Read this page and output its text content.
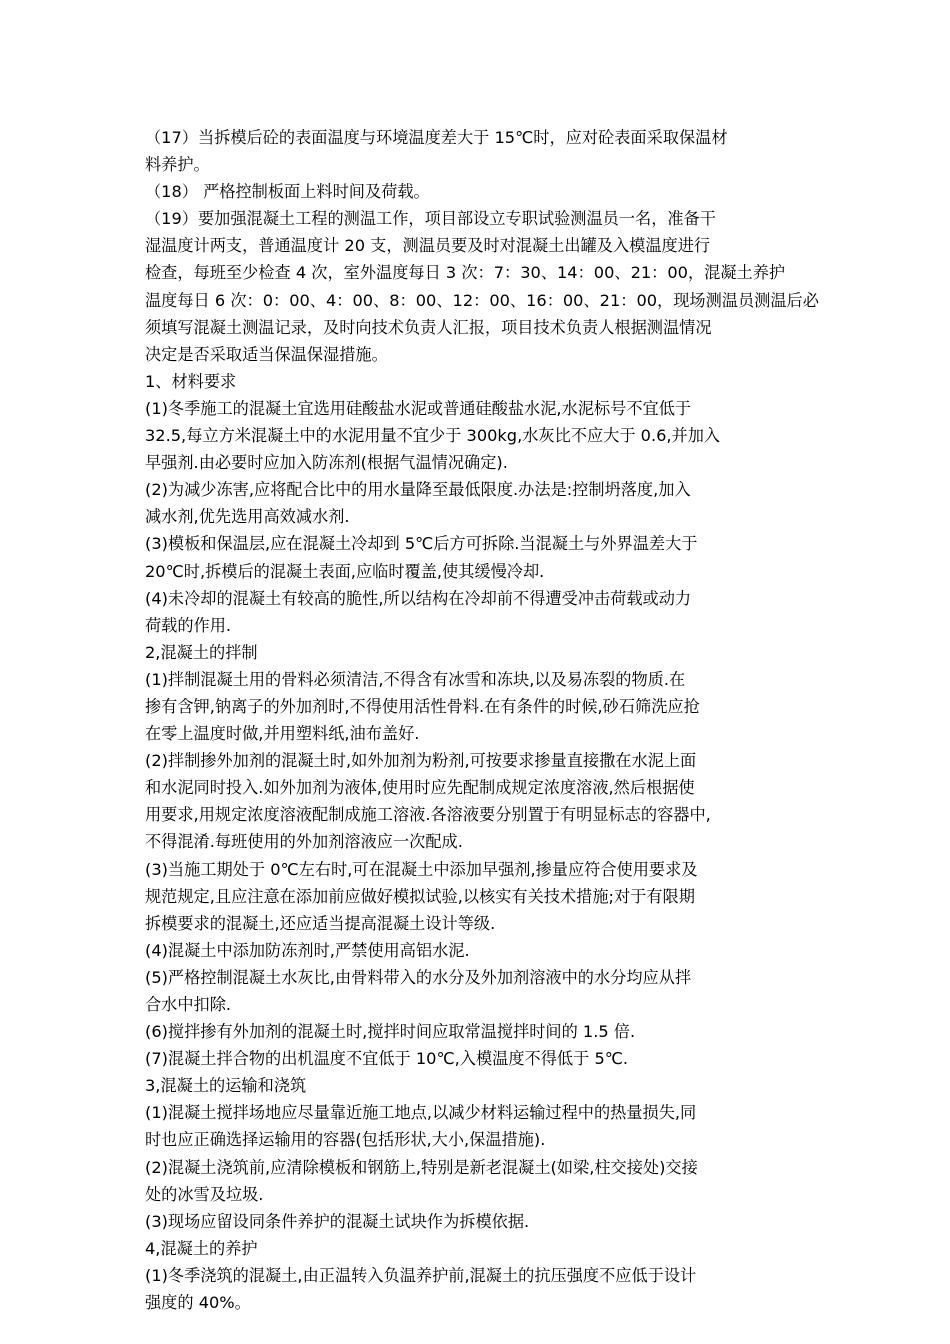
（17）当拆模后砼的表面温度与环境温度差大于 15℃时，应对砼表面采取保温材
料养护。
（18） 严格控制板面上料时间及荷载。
（19）要加强混凝土工程的测温工作，项目部设立专职试验测温员一名，准备干
湿温度计两支，普通温度计 20 支，测温员要及时对混凝土出罐及入模温度进行
检查，每班至少检查 4 次，室外温度每日 3 次：7：30、14：00、21：00，混凝土养护
温度每日 6 次：0：00、4：00、8：00、12：00、16：00、21：00，现场测温员测温后必
须填写混凝土测温记录，及时向技术负责人汇报，项目技术负责人根据测温情况
决定是否采取适当保温保湿措施。
1、材料要求
(1)冬季施工的混凝土宜选用硅酸盐水泥或普通硅酸盐水泥,水泥标号不宜低于
32.5,每立方米混凝土中的水泥用量不宜少于 300kg,水灰比不应大于 0.6,并加入
早强剂.由必要时应加入防冻剂(根据气温情况确定).
(2)为减少冻害,应将配合比中的用水量降至最低限度.办法是:控制坍落度,加入
减水剂,优先选用高效减水剂.
(3)模板和保温层,应在混凝土冷却到 5℃后方可拆除.当混凝土与外界温差大于
20℃时,拆模后的混凝土表面,应临时覆盖,使其缓慢冷却.
(4)未冷却的混凝土有较高的脆性,所以结构在冷却前不得遭受冲击荷载或动力
荷载的作用.
2,混凝土的拌制
(1)拌制混凝土用的骨料必须清洁,不得含有冰雪和冻块,以及易冻裂的物质.在
掺有含钾,钠离子的外加剂时,不得使用活性骨料.在有条件的时候,砂石筛洗应抢
在零上温度时做,并用塑料纸,油布盖好.
(2)拌制掺外加剂的混凝土时,如外加剂为粉剂,可按要求掺量直接撒在水泥上面
和水泥同时投入.如外加剂为液体,使用时应先配制成规定浓度溶液,然后根据使
用要求,用规定浓度溶液配制成施工溶液.各溶液要分别置于有明显标志的容器中,
不得混淆.每班使用的外加剂溶液应一次配成.
(3)当施工期处于 0℃左右时,可在混凝土中添加早强剂,掺量应符合使用要求及
规范规定,且应注意在添加前应做好模拟试验,以核实有关技术措施;对于有限期
拆模要求的混凝土,还应适当提高混凝土设计等级.
(4)混凝土中添加防冻剂时,严禁使用高铝水泥.
(5)严格控制混凝土水灰比,由骨料带入的水分及外加剂溶液中的水分均应从拌
合水中扣除.
(6)搅拌掺有外加剂的混凝土时,搅拌时间应取常温搅拌时间的 1.5 倍.
(7)混凝土拌合物的出机温度不宜低于 10℃,入模温度不得低于 5℃.
3,混凝土的运输和浇筑
(1)混凝土搅拌场地应尽量靠近施工地点,以减少材料运输过程中的热量损失,同
时也应正确选择运输用的容器(包括形状,大小,保温措施).
(2)混凝土浇筑前,应清除模板和钢筋上,特别是新老混凝土(如梁,柱交接处)交接
处的冰雪及垃圾.
(3)现场应留设同条件养护的混凝土试块作为拆模依据.
4,混凝土的养护
(1)冬季浇筑的混凝土,由正温转入负温养护前,混凝土的抗压强度不应低于设计
强度的 40%。
